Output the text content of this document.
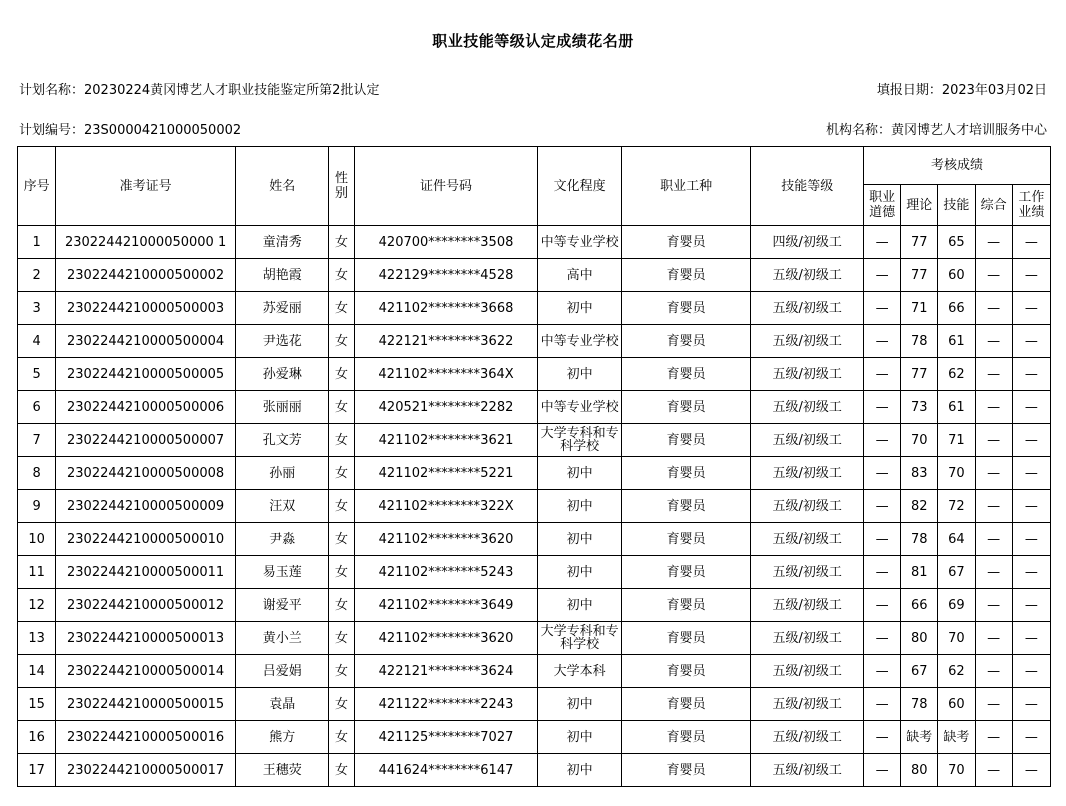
职业技能等级认定成绩花名册
计划名称：20230224黄冈博艺人才职业技能鉴定所第2批认定	填报日期：2023年03月02日
计划编号：23S0000421000050002	机构名称：黄冈博艺人才培训服务中心
序号	准考证号	姓名	性别	证件号码	文化程度	职业工种	技能等级	考核成绩				
								职业道德	理论	技能	综合	工作业绩
1	230224421000050000 1	童清秀	女	420700********3508	中等专业学校	育婴员	四级/初级工	—	77	65	—	—
2	2302244210000500002	胡艳霞	女	422129********4528	高中	育婴员	五级/初级工	—	77	60	—	—
3	2302244210000500003	苏爱丽	女	421102********3668	初中	育婴员	五级/初级工	—	71	66	—	—
4	2302244210000500004	尹选花	女	422121********3622	中等专业学校	育婴员	五级/初级工	—	78	61	—	—
5	2302244210000500005	孙爱琳	女	421102********364X	初中	育婴员	五级/初级工	—	77	62	—	—
6	2302244210000500006	张丽丽	女	420521********2282	中等专业学校	育婴员	五级/初级工	—	73	61	—	—
7	2302244210000500007	孔文芳	女	421102********3621	大学专科和专科学校	育婴员	五级/初级工	—	70	71	—	—
8	2302244210000500008	孙丽	女	421102********5221	初中	育婴员	五级/初级工	—	83	70	—	—
9	2302244210000500009	汪双	女	421102********322X	初中	育婴员	五级/初级工	—	82	72	—	—
10	2302244210000500010	尹淼	女	421102********3620	初中	育婴员	五级/初级工	—	78	64	—	—
11	2302244210000500011	易玉莲	女	421102********5243	初中	育婴员	五级/初级工	—	81	67	—	—
12	2302244210000500012	谢爱平	女	421102********3649	初中	育婴员	五级/初级工	—	66	69	—	—
13	2302244210000500013	黄小兰	女	421102********3620	大学专科和专科学校	育婴员	五级/初级工	—	80	70	—	—
14	2302244210000500014	吕爱娟	女	422121********3624	大学本科	育婴员	五级/初级工	—	67	62	—	—
15	2302244210000500015	袁晶	女	421122********2243	初中	育婴员	五级/初级工	—	78	60	—	—
16	2302244210000500016	熊方	女	421125********7027	初中	育婴员	五级/初级工	—	缺考	缺考	—	—
17	2302244210000500017	王穗荧	女	441624********6147	初中	育婴员	五级/初级工	—	80	70	—	—
